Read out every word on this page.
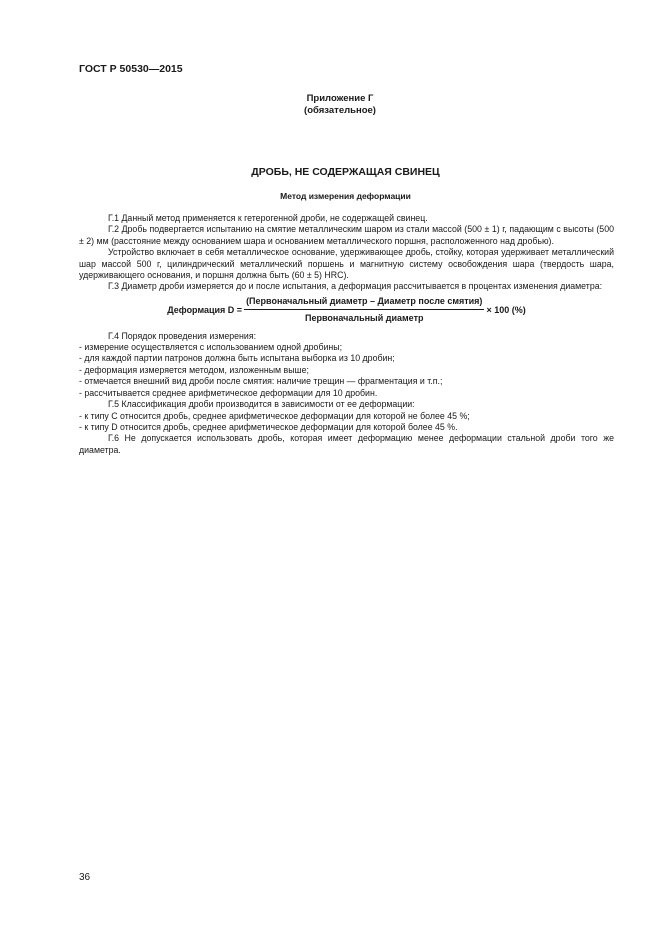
ГОСТ Р 50530—2015
Приложение Г
(обязательное)
ДРОБЬ, НЕ СОДЕРЖАЩАЯ СВИНЕЦ
Метод измерения деформации
Г.1 Данный метод применяется к гетерогенной дроби, не содержащей свинец.
Г.2 Дробь подвергается испытанию на смятие металлическим шаром из стали массой (500 ± 1) г, падающим с высоты (500 ± 2) мм (расстояние между основанием шара и основанием металлического поршня, расположенного над дробью).
Устройство включает в себя металлическое основание, удерживающее дробь, стойку, которая удерживает металлический шар массой 500 г, цилиндрический металлический поршень и магнитную систему освобождения шара (твердость шара, удерживающего основания, и поршня должна быть (60 ± 5) HRC).
Г.3 Диаметр дроби измеряется до и после испытания, а деформация рассчитывается в процентах изменения диаметра:
Деформация $D = \frac{\text{(Первоначальный диаметр – Диаметр после смятия)}}{\text{Первоначальный диаметр}} \times 100$ (%)
Г.4 Порядок проведения измерения:
- измерение осуществляется с использованием одной дробины;
- для каждой партии патронов должна быть испытана выборка из 10 дробин;
- деформация измеряется методом, изложенным выше;
- отмечается внешний вид дроби после смятия: наличие трещин — фрагментация и т.п.;
- рассчитывается среднее арифметическое деформации для 10 дробин.
Г.5 Классификация дроби производится в зависимости от ее деформации:
- к типу С относится дробь, среднее арифметическое деформации для которой не более 45 %;
- к типу D относится дробь, среднее арифметическое деформации для которой более 45 %.
Г.6 Не допускается использовать дробь, которая имеет деформацию менее деформации стальной дроби того же диаметра.
36
